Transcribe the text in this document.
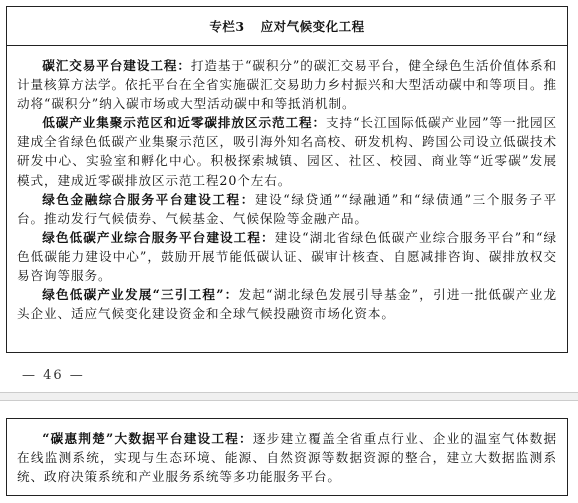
专栏3 应对气候变化工程

碳汇交易平台建设工程：打造基于“碳积分”的碳汇交易平台，健全绿色生活价值体系和计量核算方法学。依托平台在全省实施碳汇交易助力乡村振兴和大型活动碳中和等项目。推动将“碳积分”纳入碳市场或大型活动碳中和等抵消机制。

低碳产业集聚示范区和近零碳排放区示范工程：支持“长江国际低碳产业园”等一批园区建成全省绿色低碳产业集聚示范区，吸引海外知名高校、研发机构、跨国公司设立低碳技术研发中心、实验室和孵化中心。积极探索城镇、园区、社区、校园、商业等“近零碳”发展模式，建成近零碳排放区示范工程20个左右。

绿色金融综合服务平台建设工程：建设“绿贷通”“绿融通”和“绿债通”三个服务子平台。推动发行气候债券、气候基金、气候保险等金融产品。

绿色低碳产业综合服务平台建设工程：建设“湖北省绿色低碳产业综合服务平台”和“绿色低碳能力建设中心”，鼓励开展节能低碳认证、碳审计核查、自愿减排咨询、碳排放权交易咨询等服务。

绿色低碳产业发展“三引工程”：发起“湖北绿色发展引导基金”，引进一批低碳产业龙头企业、适应气候变化建设资金和全球气候投融资市场化资本。

— 46 —

“碳惠荆楚”大数据平台建设工程：逐步建立覆盖全省重点行业、企业的温室气体数据在线监测系统，实现与生态环境、能源、自然资源等数据资源的整合，建立大数据监测系统、政府决策系统和产业服务系统等多功能服务平台。
